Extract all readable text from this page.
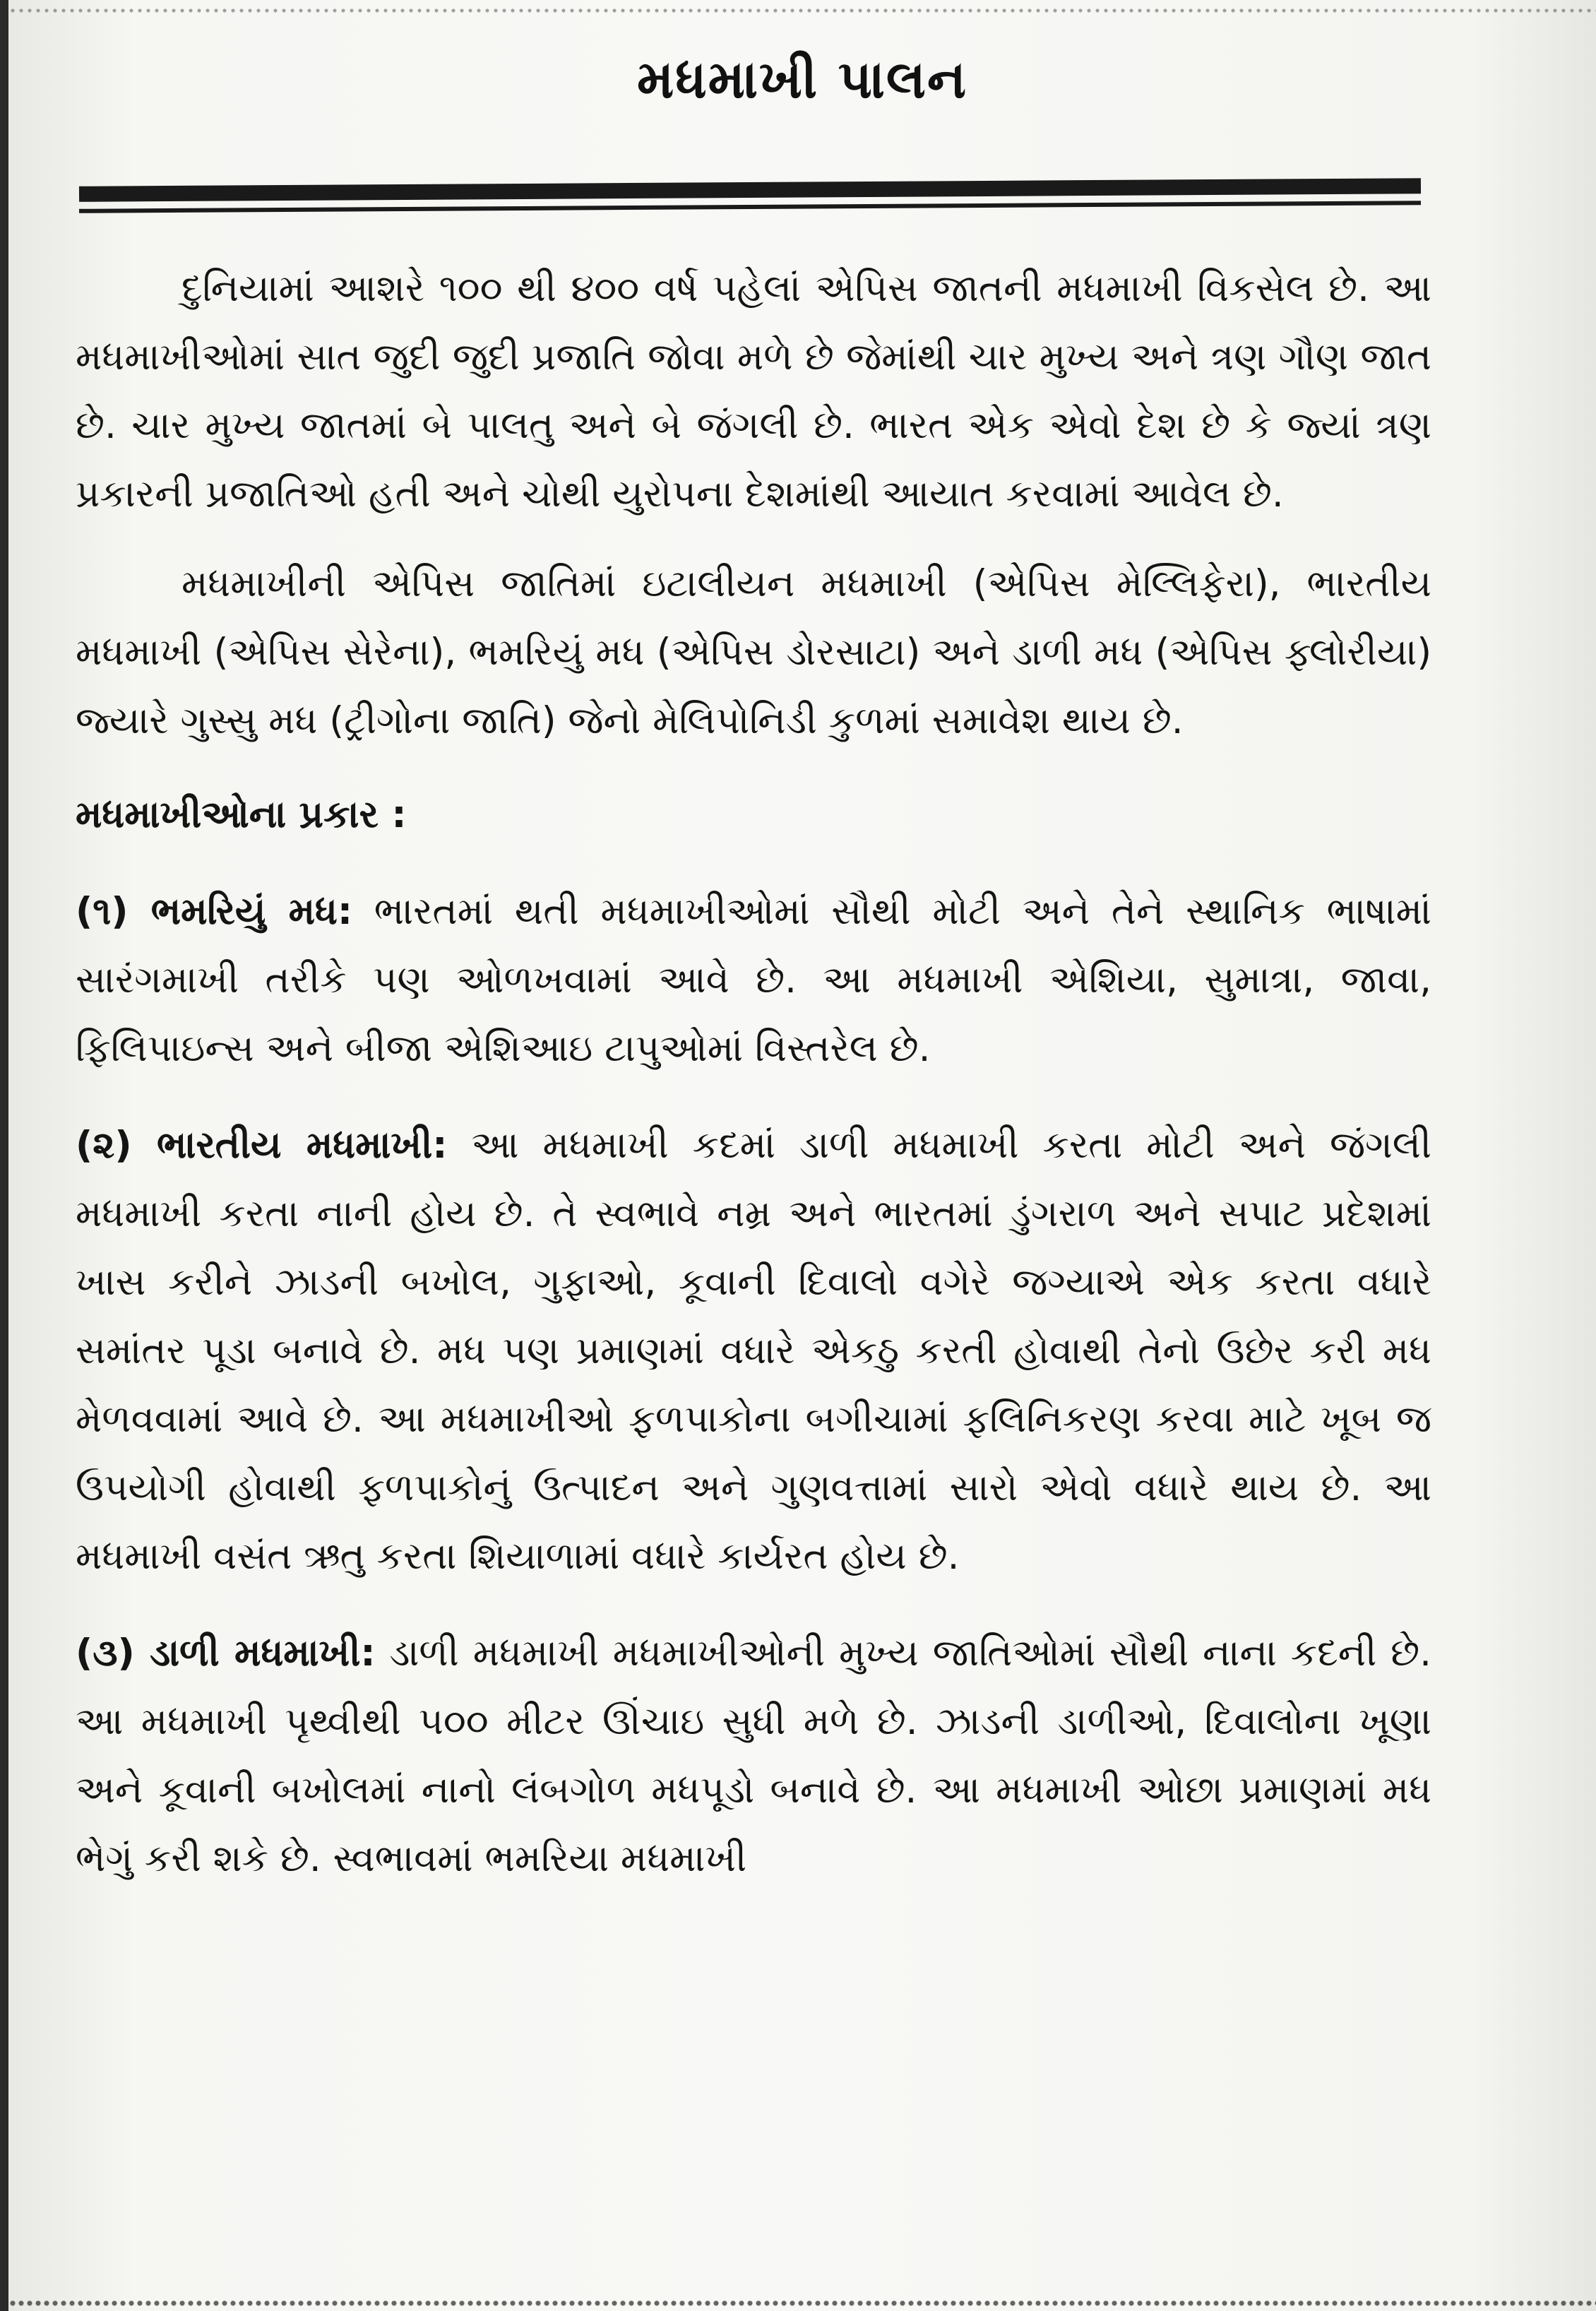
મધમાખી પાલન

દુનિયામાં આશરે ૧૦૦ થી ૪૦૦ વર્ષ પહેલાં એપિસ જાતની મધમાખી વિકસેલ છે. આ મધમાખીઓમાં સાત જુદી જુદી પ્રજાતિ જોવા મળે છે જેમાંથી ચાર મુખ્ય અને ત્રણ ગૌણ જાત છે. ચાર મુખ્ય જાતમાં બે પાલતુ અને બે જંગલી છે. ભારત એક એવો દેશ છે કે જ્યાં ત્રણ પ્રકારની પ્રજાતિઓ હતી અને ચોથી યુરોપના દેશમાંથી આયાત કરવામાં આવેલ છે.

મધમાખીની એપિસ જાતિમાં ઇટાલીયન મધમાખી (એપિસ મેલ્લિફેરા), ભારતીય મધમાખી (એપિસ સેરેના), ભમરિયું મધ (એપિસ ડોરસાટા) અને ડાળી મધ (એપિસ ફ્લોરીયા) જ્યારે ગુસ્સુ મધ (ટ્રીગોના જાતિ) જેનો મેલિપોનિડી કુળમાં સમાવેશ થાય છે.

મધમાખીઓના પ્રકાર :

(૧) ભમરિયું મધ: ભારતમાં થતી મધમાખીઓમાં સૌથી મોટી અને તેને સ્થાનિક ભાષામાં સારંગમાખી તરીકે પણ ઓળખવામાં આવે છે. આ મધમાખી એશિયા, સુમાત્રા, જાવા, ફિલિપાઇન્સ અને બીજા એશિઆઇ ટાપુઓમાં વિસ્તરેલ છે.

(૨) ભારતીય મધમાખી: આ મધમાખી કદમાં ડાળી મધમાખી કરતા મોટી અને જંગલી મધમાખી કરતા નાની હોય છે. તે સ્વભાવે નમ્ર અને ભારતમાં ડુંગરાળ અને સપાટ પ્રદેશમાં ખાસ કરીને ઝાડની બખોલ, ગુફાઓ, કૂવાની દિવાલો વગેરે જગ્યાએ એક કરતા વધારે સમાંતર પૂડા બનાવે છે. મધ પણ પ્રમાણમાં વધારે એકઠુ કરતી હોવાથી તેનો ઉછેર કરી મધ મેળવવામાં આવે છે. આ મધમાખીઓ ફળપાકોના બગીચામાં ફલિનિકરણ કરવા માટે ખૂબ જ ઉપયોગી હોવાથી ફળપાકોનું ઉત્પાદન અને ગુણવત્તામાં સારો એવો વધારે થાય છે. આ મધમાખી વસંત ઋતુ કરતા શિયાળામાં વધારે કાર્યરત હોય છે.

(૩) ડાળી મધમાખી: ડાળી મધમાખી મધમાખીઓની મુખ્ય જાતિઓમાં સૌથી નાના કદની છે. આ મધમાખી પૃથ્વીથી ૫૦૦ મીટર ઊંચાઇ સુધી મળે છે. ઝાડની ડાળીઓ, દિવાલોના ખૂણા અને કૂવાની બખોલમાં નાનો લંબગોળ મધપૂડો બનાવે છે. આ મધમાખી ઓછા પ્રમાણમાં મધ ભેગું કરી શકે છે. સ્વભાવમાં ભમરિયા મધમાખી
